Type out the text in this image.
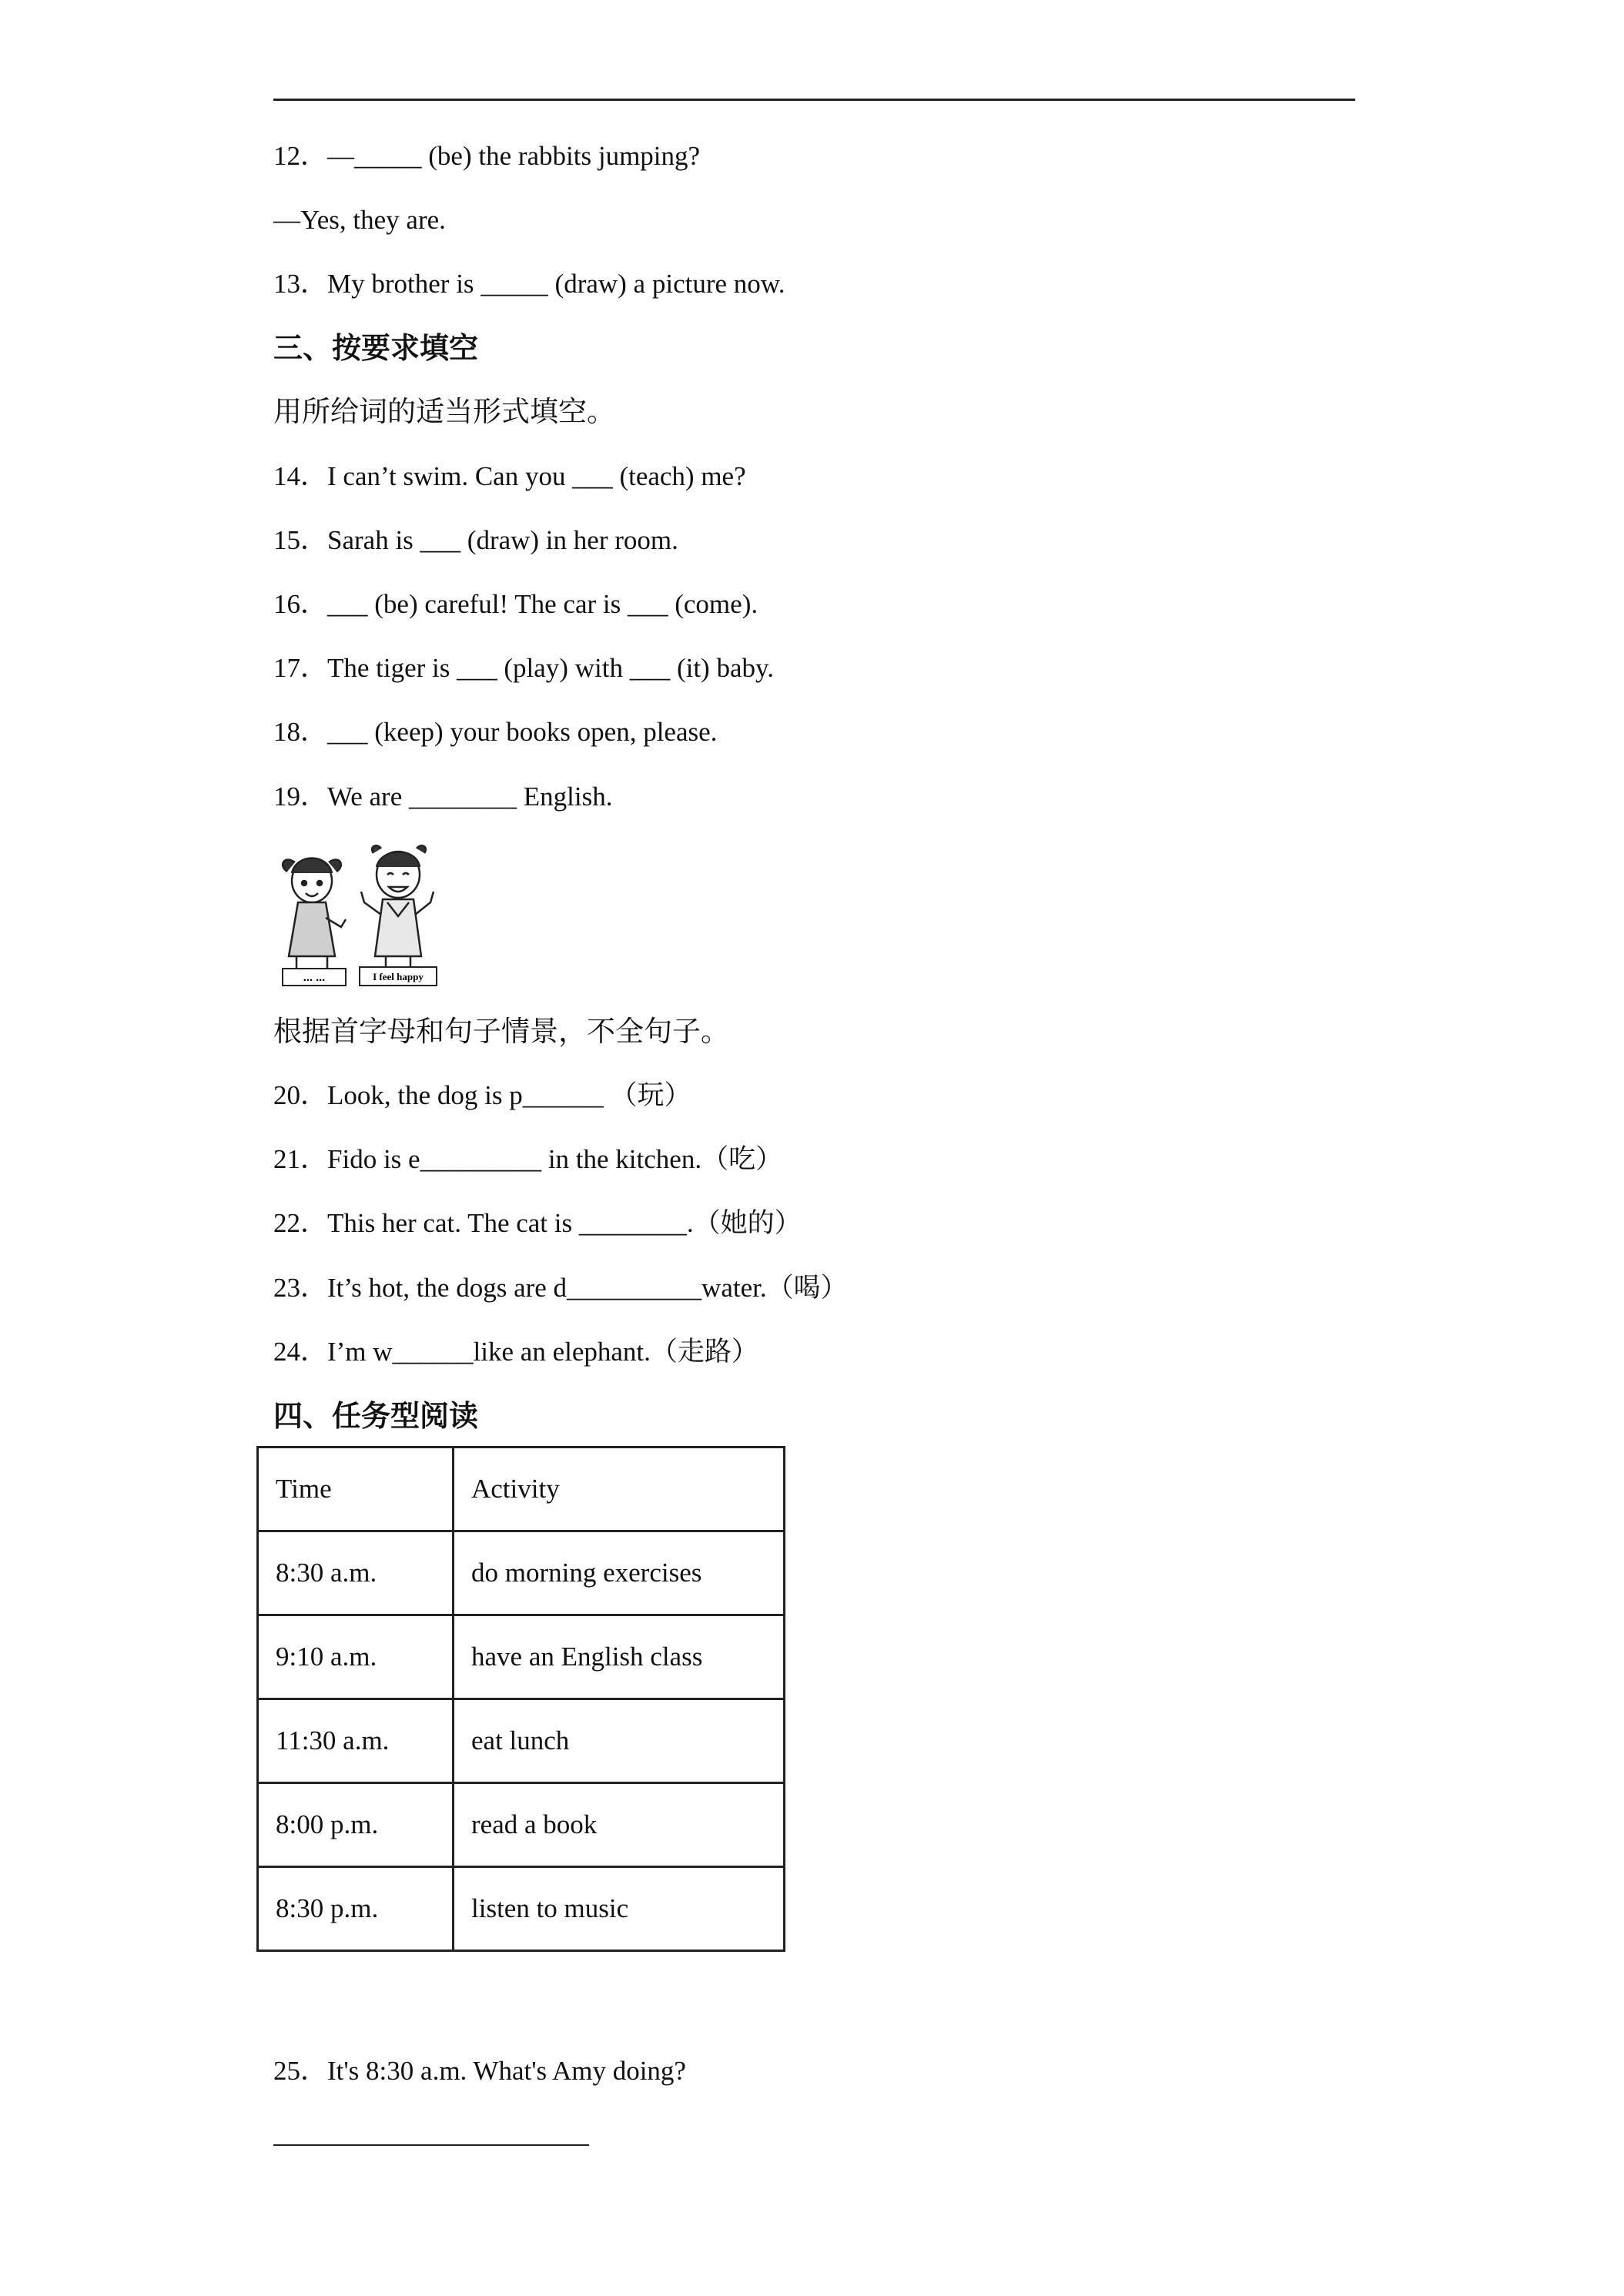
12．—_____ (be) the rabbits jumping?
—Yes, they are.
13．My brother is _____ (draw) a picture now.
三、按要求填空
用所给词的适当形式填空。
14．I can’t swim. Can you ___ (teach) me?
15．Sarah is ___ (draw) in her room.
16．___ (be) careful! The car is ___ (come).
17．The tiger is ___ (play) with ___ (it) baby.
18．___ (keep) your books open, please.
19．We are ________ English.
… …	I feel happy
根据首字母和句子情景，不全句子。
20．Look, the dog is p______ （玩）
21．Fido is e_________ in the kitchen.（吃）
22．This her cat. The cat is ________.（她的）
23．It’s hot, the dogs are d__________water.（喝）
24．I’m w______like an elephant.（走路）
四、任务型阅读
Time	Activity
8:30 a.m.	do morning exercises
9:10 a.m.	have an English class
11:30 a.m.	eat lunch
8:00 p.m.	read a book
8:30 p.m.	listen to music
25．It's 8:30 a.m. What's Amy doing?
